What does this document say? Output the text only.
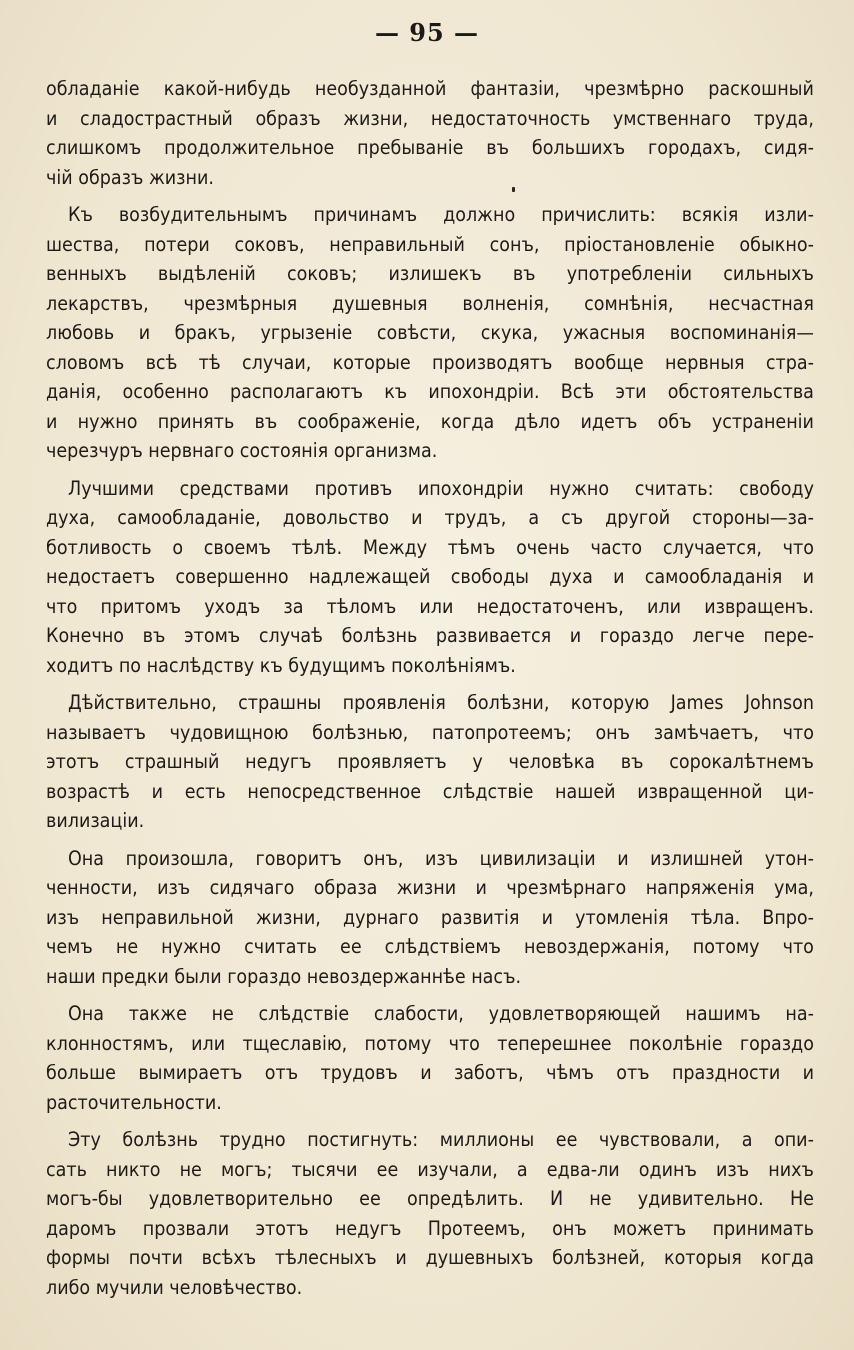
— 95 —
обладанiе какой-нибудь необузданной фантазiи, чрезмѣрно раскошный
и сладострастный образъ жизни, недостаточность умственнаго труда,
слишкомъ продолжительное пребыванiе въ большихъ городахъ, сидя-
чiй образъ жизни.
Къ возбудительнымъ причинамъ должно причислить: всякiя изли-
шества, потери соковъ, неправильный сонъ, прiостановленiе обыкно-
венныхъ выдѣленiй соковъ; излишекъ въ употребленiи сильныхъ
лекарствъ, чрезмѣрныя душевныя волненiя, сомнѣнiя, несчастная
любовь и бракъ, угрызенiе совѣсти, скука, ужасныя воспоминанiя—
словомъ всѣ тѣ случаи, которые производятъ вообще нервныя стра-
данiя, особенно располагаютъ къ ипохондрiи. Всѣ эти обстоятельства
и нужно принять въ соображенiе, когда дѣло идетъ объ устраненiи
черезчуръ нервнаго состоянiя организма.
Лучшими средствами противъ ипохондрiи нужно считать: свободу
духа, самообладанiе, довольство и трудъ, а съ другой стороны—за-
ботливость о своемъ тѣлѣ. Между тѣмъ очень часто случается, что
недостаетъ совершенно надлежащей свободы духа и самообладанiя и
что притомъ уходъ за тѣломъ или недостаточенъ, или извращенъ.
Конечно въ этомъ случаѣ болѣзнь развивается и гораздо легче пере-
ходитъ по наслѣдству къ будущимъ поколѣнiямъ.
Дѣйствительно, страшны проявленiя болѣзни, которую James Johnson
называетъ чудовищною болѣзнью, патопротеемъ; онъ замѣчаетъ, что
этотъ страшный недугъ проявляетъ у человѣка въ сорокалѣтнемъ
возрастѣ и есть непосредственное слѣдствiе нашей извращенной ци-
вилизацiи.
Она произошла, говоритъ онъ, изъ цивилизацiи и излишней утон-
ченности, изъ сидячаго образа жизни и чрезмѣрнаго напряженiя ума,
изъ неправильной жизни, дурнаго развитiя и утомленiя тѣла. Впро-
чемъ не нужно считать ее слѣдствiемъ невоздержанiя, потому что
наши предки были гораздо невоздержаннѣе насъ.
Она также не слѣдствiе слабости, удовлетворяющей нашимъ на-
клонностямъ, или тщеславiю, потому что теперешнее поколѣнiе гораздо
больше вымираетъ отъ трудовъ и заботъ, чѣмъ отъ праздности и
расточительности.
Эту болѣзнь трудно постигнуть: миллионы ее чувствовали, а опи-
сать никто не могъ; тысячи ее изучали, а едва-ли одинъ изъ нихъ
могъ-бы удовлетворительно ее опредѣлить. И не удивительно. Не
даромъ прозвали этотъ недугъ Протеемъ, онъ можетъ принимать
формы почти всѣхъ тѣлесныхъ и душевныхъ болѣзней, которыя когда
либо мучили человѣчество.
